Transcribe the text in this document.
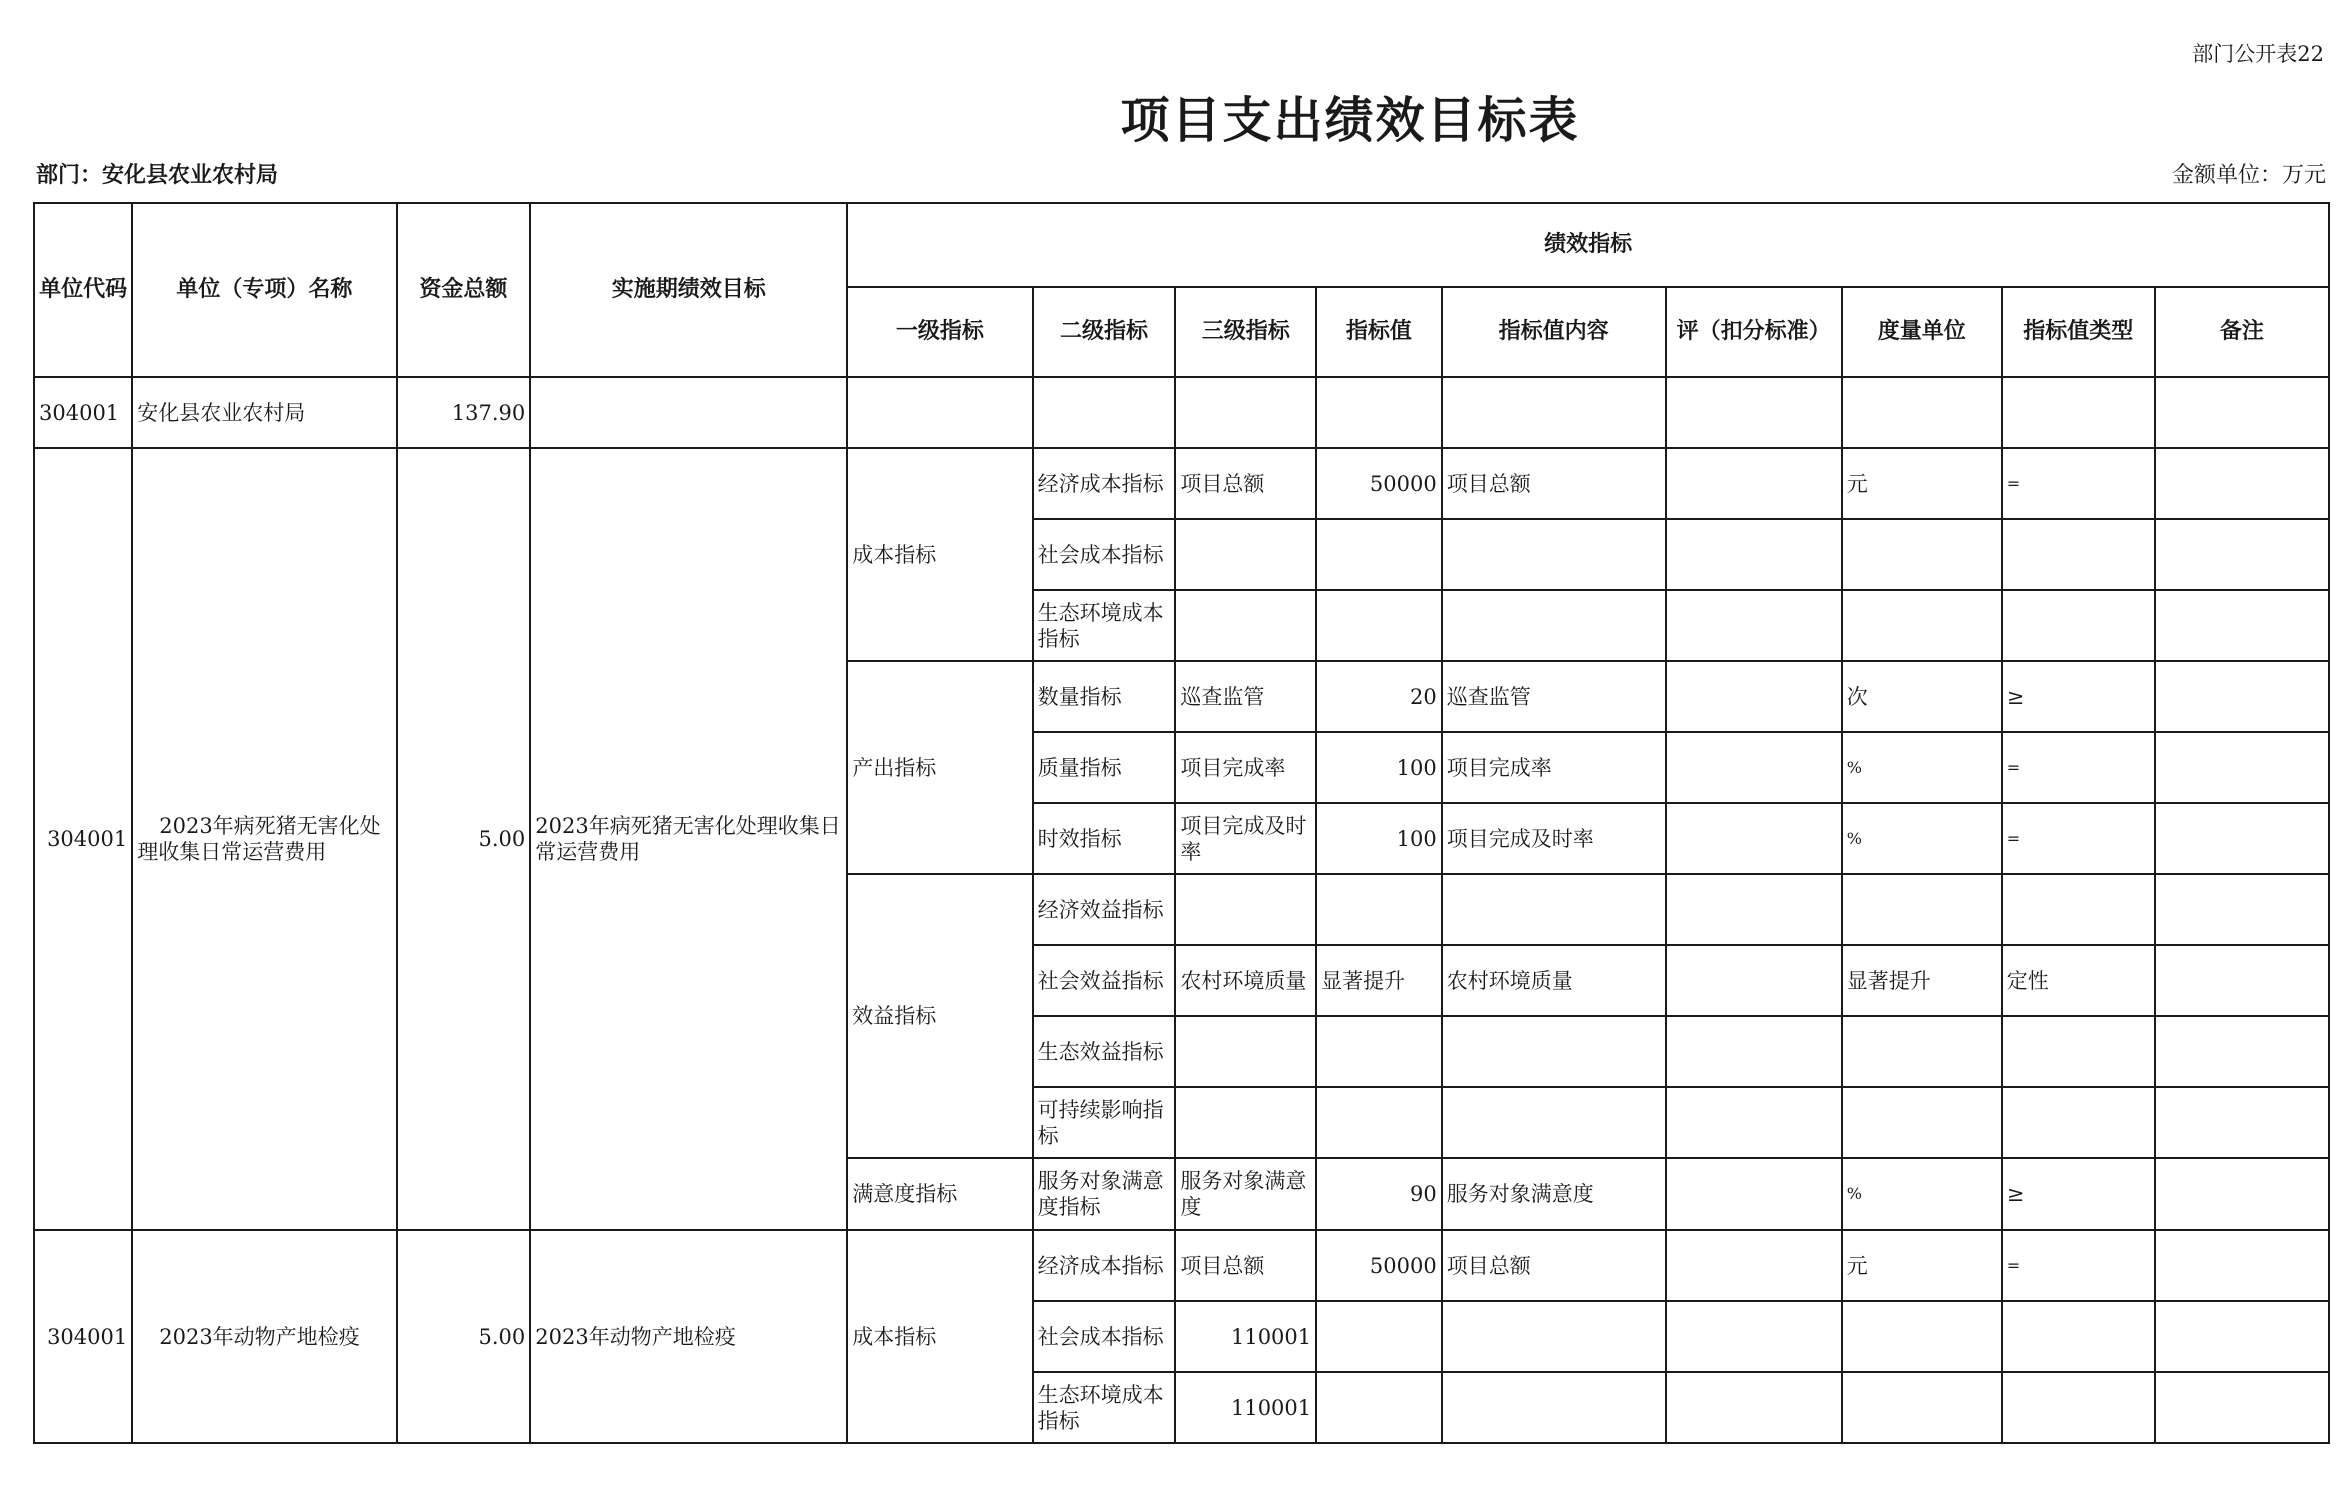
部门公开表22
项目支出绩效目标表
部门：安化县农业农村局	金额单位：万元
单位代码	单位（专项）名称	资金总额	实施期绩效目标	绩效指标								
				一级指标	二级指标	三级指标	指标值	指标值内容	评（扣分标准）	度量单位	指标值类型	备注
304001	安化县农业农村局	137.90										
304001	2023年病死猪无害化处理收集日常运营费用	5.00	2023年病死猪无害化处理收集日常运营费用	成本指标	经济成本指标	项目总额	50000	项目总额		元	=	
					社会成本指标							
					生态环境成本指标							
				产出指标	数量指标	巡查监管	20	巡查监管		次	≥	
					质量指标	项目完成率	100	项目完成率		%	=	
					时效指标	项目完成及时率	100	项目完成及时率		%	=	
				效益指标	经济效益指标							
					社会效益指标	农村环境质量	显著提升	农村环境质量		显著提升	定性	
					生态效益指标							
					可持续影响指标							
				满意度指标	服务对象满意度指标	服务对象满意度	90	服务对象满意度		%	≥	
304001	2023年动物产地检疫	5.00	2023年动物产地检疫	成本指标	经济成本指标	项目总额	50000	项目总额		元	=	
					社会成本指标	110001						
					生态环境成本指标	110001						
